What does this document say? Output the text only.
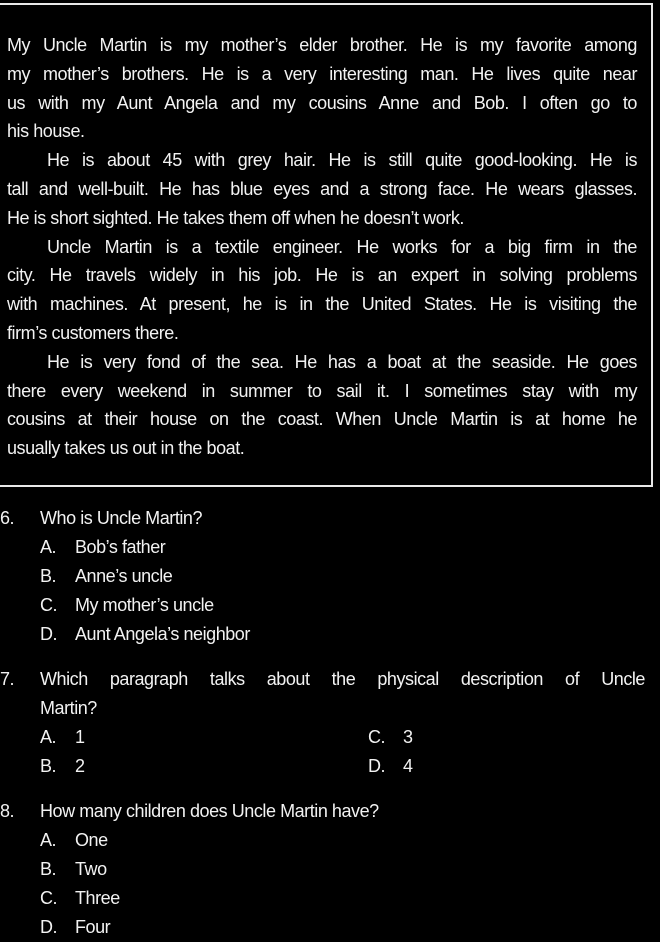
My Uncle Martin is my mother’s elder brother. He is my favorite among
my mother’s brothers. He is a very interesting man. He lives quite near
us with my Aunt Angela and my cousins Anne and Bob. I often go to
his house.
He is about 45 with grey hair. He is still quite good-looking. He is
tall and well-built. He has blue eyes and a strong face. He wears glasses.
He is short sighted. He takes them off when he doesn’t work.
Uncle Martin is a textile engineer. He works for a big firm in the
city. He travels widely in his job. He is an expert in solving problems
with machines. At present, he is in the United States. He is visiting the
firm’s customers there.
He is very fond of the sea. He has a boat at the seaside. He goes
there every weekend in summer to sail it. I sometimes stay with my
cousins at their house on the coast. When Uncle Martin is at home he
usually takes us out in the boat.
6. Who is Uncle Martin?
A. Bob’s father
B. Anne’s uncle
C. My mother’s uncle
D. Aunt Angela’s neighbor
7. Which paragraph talks about the physical description of Uncle
Martin?
A. 1	C. 3
B. 2	D. 4
8. How many children does Uncle Martin have?
A. One
B. Two
C. Three
D. Four
